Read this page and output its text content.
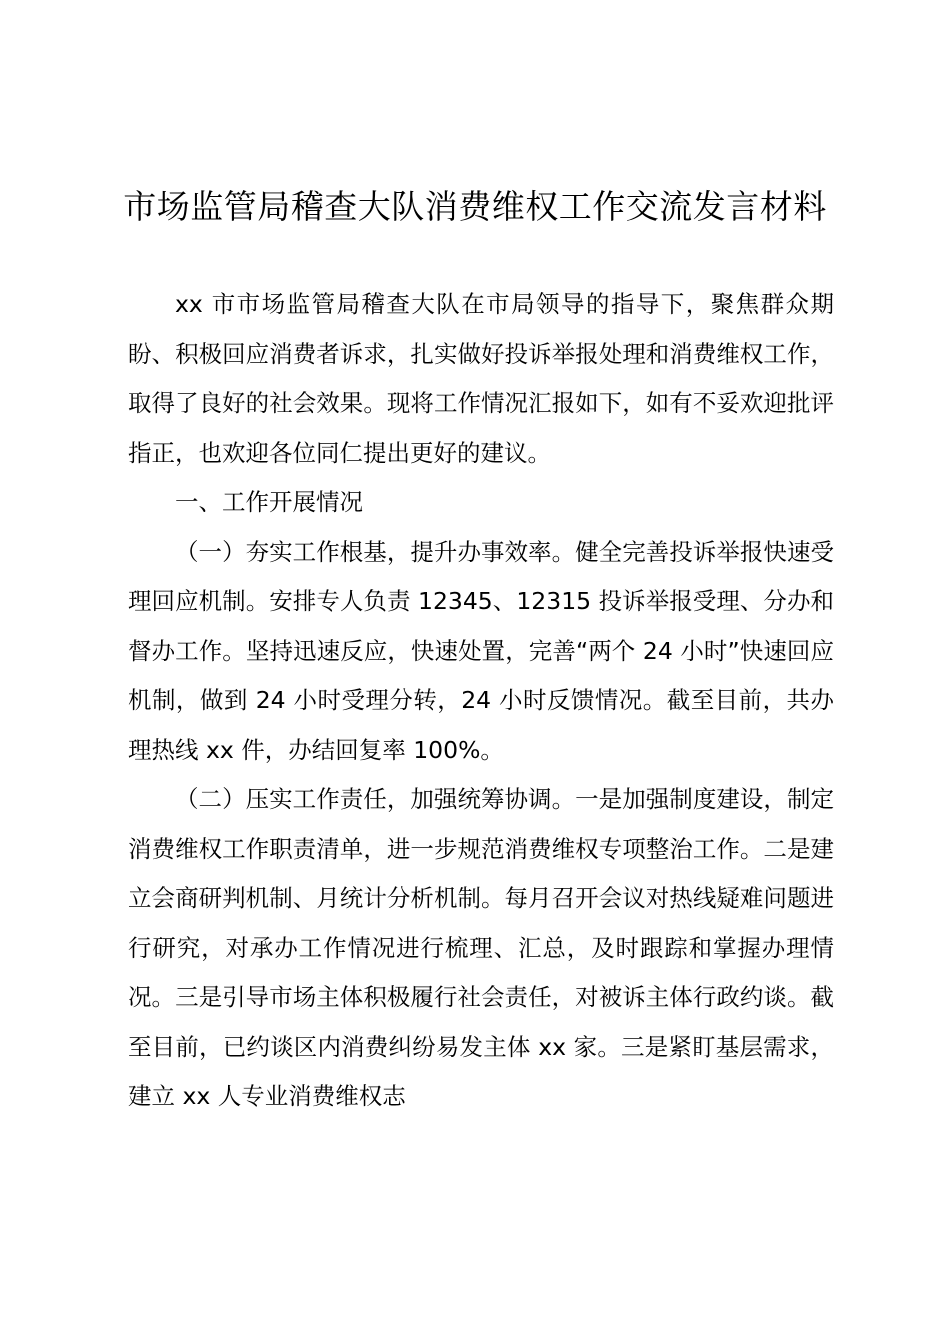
市场监管局稽查大队消费维权工作交流发言材料

xx 市市场监管局稽查大队在市局领导的指导下，聚焦群众期盼、积极回应消费者诉求，扎实做好投诉举报处理和消费维权工作，取得了良好的社会效果。现将工作情况汇报如下，如有不妥欢迎批评指正，也欢迎各位同仁提出更好的建议。

一、工作开展情况

（一）夯实工作根基，提升办事效率。健全完善投诉举报快速受理回应机制。安排专人负责 12345、12315 投诉举报受理、分办和督办工作。坚持迅速反应，快速处置，完善“两个 24 小时”快速回应机制，做到 24 小时受理分转，24 小时反馈情况。截至目前，共办理热线 xx 件，办结回复率 100%。

（二）压实工作责任，加强统筹协调。一是加强制度建设，制定消费维权工作职责清单，进一步规范消费维权专项整治工作。二是建立会商研判机制、月统计分析机制。每月召开会议对热线疑难问题进行研究，对承办工作情况进行梳理、汇总，及时跟踪和掌握办理情况。三是引导市场主体积极履行社会责任，对被诉主体行政约谈。截至目前，已约谈区内消费纠纷易发主体 xx 家。三是紧盯基层需求，建立 xx 人专业消费维权志
